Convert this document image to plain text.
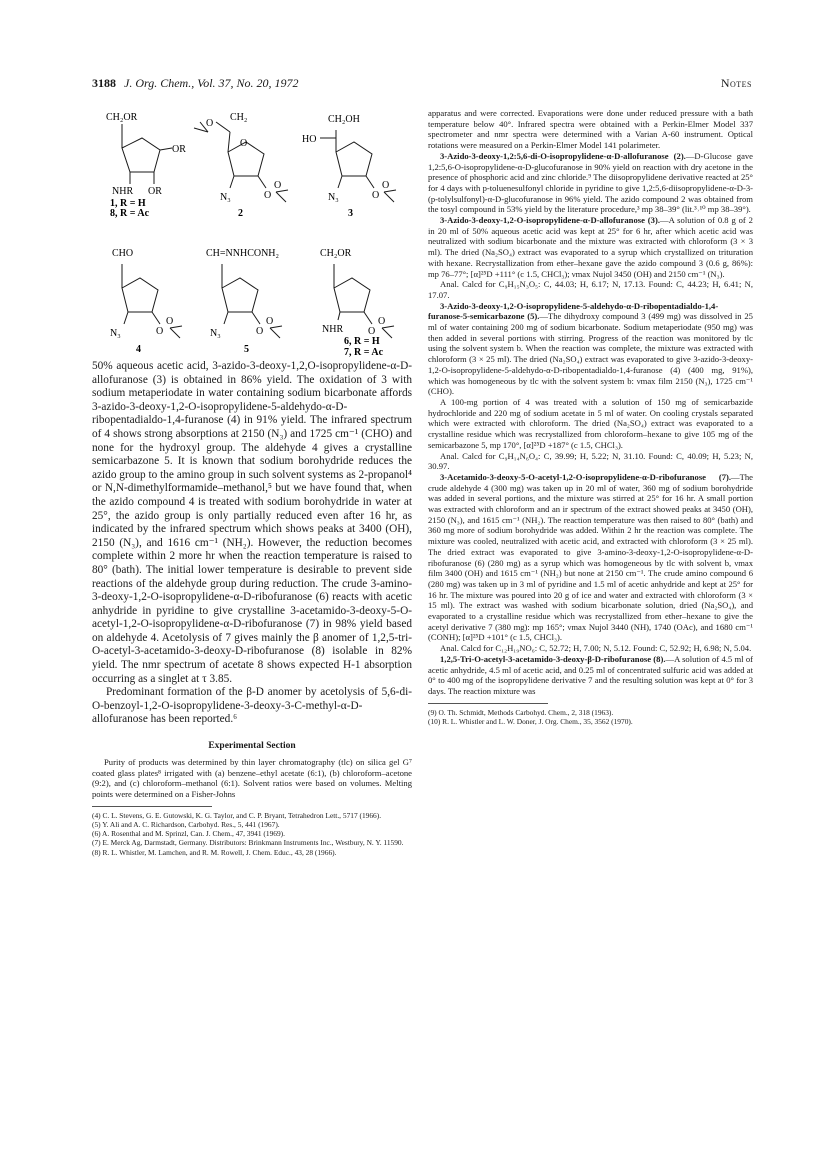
3188 J. Org. Chem., Vol. 37, No. 20, 1972	Notes
CH₂OR
OR
NHR OR
1, R = H
8, R = Ac
O
CH₂
O
N₃	O
O
2
CH₂OH
HO
N₃	O
O
3
CHO
N₃	O
O
4
CH=NNHCONH₂
N₃	O
O
5
CH₂OR
NHR O
O
6, R = H
7, R = Ac

50% aqueous acetic acid, 3-azido-3-deoxy-1,2,O-isopropylidene-α-D-allofuranose (3) is obtained in 86% yield. The oxidation of 3 with sodium metaperiodate in water containing sodium bicarbonate affords 3-azido-3-deoxy-1,2-O-isopropylidene-5-aldehydo-α-D-ribopentadialdo-1,4-furanose (4) in 91% yield. The infrared spectrum of 4 shows strong absorptions at 2150 (N₃) and 1725 cm⁻¹ (CHO) and none for the hydroxyl group. The aldehyde 4 gives a crystalline semicarbazone 5. It is known that sodium borohydride reduces the azido group to the amino group in such solvent systems as 2-propanol⁴ or N,N-dimethylformamide–methanol,⁵ but we have found that, when the azido compound 4 is treated with sodium borohydride in water at 25°, the azido group is only partially reduced even after 16 hr, as indicated by the infrared spectrum which shows peaks at 3400 (OH), 2150 (N₃), and 1616 cm⁻¹ (NH₂). However, the reduction becomes complete within 2 more hr when the reaction temperature is raised to 80° (bath). The initial lower temperature is desirable to prevent side reactions of the aldehyde group during reduction. The crude 3-amino-3-deoxy-1,2-O-isopropylidene-α-D-ribofuranose (6) reacts with acetic anhydride in pyridine to give crystalline 3-acetamido-3-deoxy-5-O-acetyl-1,2-O-isopropylidene-α-D-ribofuranose (7) in 98% yield based on aldehyde 4. Acetolysis of 7 gives mainly the β anomer of 1,2,5-tri-O-acetyl-3-acetamido-3-deoxy-D-ribofuranose (8) isolable in 82% yield. The nmr spectrum of acetate 8 shows expected H-1 absorption occurring as a singlet at τ 3.85.

Predominant formation of the β-D anomer by acetolysis of 5,6-di-O-benzoyl-1,2-O-isopropylidene-3-deoxy-3-C-methyl-α-D-allofuranose has been reported.⁶

Experimental Section

Purity of products was determined by thin layer chromatography (tlc) on silica gel G⁷ coated glass plates⁸ irrigated with (a) benzene–ethyl acetate (6:1), (b) chloroform–acetone (9:2), and (c) chloroform–methanol (6:1). Solvent ratios were based on volumes. Melting points were determined on a Fisher-Johns

(4) C. L. Stevens, G. E. Gutowski, K. G. Taylor, and C. P. Bryant, Tetrahedron Lett., 5717 (1966).

(5) Y. Ali and A. C. Richardson, Carbohyd. Res., 5, 441 (1967).

(6) A. Rosenthal and M. Sprinzl, Can. J. Chem., 47, 3941 (1969).

(7) E. Merck Ag, Darmstadt, Germany. Distributors: Brinkmann Instruments Inc., Westbury, N. Y. 11590.

(8) R. L. Whistler, M. Lamchen, and R. M. Rowell, J. Chem. Educ., 43, 28 (1966).

apparatus and were corrected. Evaporations were done under reduced pressure with a bath temperature below 40°. Infrared spectra were obtained with a Perkin-Elmer Model 337 spectrometer and nmr spectra were determined with a Varian A-60 instrument. Optical rotations were measured on a Perkin-Elmer Model 141 polarimeter.

3-Azido-3-deoxy-1,2:5,6-di-O-isopropylidene-α-D-allofuranose (2).—D-Glucose gave 1,2:5,6-O-isopropylidene-α-D-glucofuranose in 90% yield on reaction with dry acetone in the presence of phosphoric acid and zinc chloride.⁹ The diisopropylidene derivative reacted at 25° for 4 days with p-toluenesulfonyl chloride in pyridine to give 1,2:5,6-diisopropylidene-α-D-3-(p-tolylsulfonyl)-α-D-glucofuranose in 96% yield. The azido compound 2 was obtained from the tosyl compound in 53% yield by the literature procedure,³ mp 38–39° (lit.³˒¹⁰ mp 38–39°).

3-Azido-3-deoxy-1,2-O-isopropylidene-α-D-allofuranose (3).—A solution of 0.8 g of 2 in 20 ml of 50% aqueous acetic acid was kept at 25° for 6 hr, after which acetic acid was neutralized with sodium bicarbonate and the mixture was extracted with chloroform (3 × 3 ml). The dried (Na₂SO₄) extract was evaporated to a syrup which crystallized on trituration with hexane. Recrystallization from ether–hexane gave the azido compound 3 (0.6 g, 86%): mp 76–77°; [α]²⁵D +111° (c 1.5, CHCl₃); νmax Nujol 3450 (OH) and 2150 cm⁻¹ (N₃).

Anal. Calcd for C₉H₁₅N₃O₅: C, 44.03; H, 6.17; N, 17.13. Found: C, 44.23; H, 6.41; N, 17.07.

3-Azido-3-deoxy-1,2-O-isopropylidene-5-aldehydo-α-D-ribopentadialdo-1,4-furanose-5-semicarbazone (5).—The dihydroxy compound 3 (499 mg) was dissolved in 25 ml of water containing 200 mg of sodium bicarbonate. Sodium metaperiodate (950 mg) was then added in several portions with stirring. Progress of the reaction was monitored by tlc using the solvent system b. When the reaction was complete, the mixture was extracted with chloroform (3 × 25 ml). The dried (Na₂SO₄) extract was evaporated to give 3-azido-3-deoxy-1,2-O-isopropylidene-5-aldehydo-α-D-ribopentadialdo-1,4-furanose (4) (400 mg, 91%), which was homogeneous by tlc with the solvent system b: νmax film 2150 (N₃), 1725 cm⁻¹ (CHO).

A 100-mg portion of 4 was treated with a solution of 150 mg of semicarbazide hydrochloride and 220 mg of sodium acetate in 5 ml of water. On cooling crystals separated which were extracted with chloroform. The dried (Na₂SO₄) extract was evaporated to a crystalline residue which was recrystallized from chloroform–hexane to give 105 mg of the semicarbazone 5, mp 170°, [α]²⁵D +187° (c 1.5, CHCl₃).

Anal. Calcd for C₉H₁₄N₆O₄: C, 39.99; H, 5.22; N, 31.10. Found: C, 40.09; H, 5.23; N, 30.97.

3-Acetamido-3-deoxy-5-O-acetyl-1,2-O-isopropylidene-α-D-ribofuranose (7).—The crude aldehyde 4 (300 mg) was taken up in 20 ml of water, 360 mg of sodium borohydride was added in several portions, and the mixture was stirred at 25° for 16 hr. A small portion was extracted with chloroform and an ir spectrum of the extract showed peaks at 3450 (OH), 2150 (N₃), and 1615 cm⁻¹ (NH₂). The reaction temperature was then raised to 80° (bath) and 360 mg more of sodium borohydride was added. Within 2 hr the reaction was complete. The mixture was cooled, neutralized with acetic acid, and extracted with chloroform (3 × 25 ml). The dried extract was evaporated to give 3-amino-3-deoxy-1,2-O-isopropylidene-α-D-ribofuranose (6) (280 mg) as a syrup which was homogeneous by tlc with solvent b, νmax film 3400 (OH) and 1615 cm⁻¹ (NH₂) but none at 2150 cm⁻¹. The crude amino compound 6 (280 mg) was taken up in 3 ml of pyridine and 1.5 ml of acetic anhydride and kept at 25° for 16 hr. The mixture was poured into 20 g of ice and water and extracted with chloroform (3 × 15 ml). The extract was washed with sodium bicarbonate solution, dried (Na₂SO₄), and evaporated to a crystalline residue which was recrystallized from ether–hexane to give the acetyl derivative 7 (380 mg): mp 165°; νmax Nujol 3440 (NH), 1740 (OAc), and 1680 cm⁻¹ (CONH); [α]²⁵D +101° (c 1.5, CHCl₃).

Anal. Calcd for C₁₂H₁₉NO₆: C, 52.72; H, 7.00; N, 5.12. Found: C, 52.92; H, 6.98; N, 5.04.

1,2,5-Tri-O-acetyl-3-acetamido-3-deoxy-β-D-ribofuranose (8).—A solution of 4.5 ml of acetic anhydride, 4.5 ml of acetic acid, and 0.25 ml of concentrated sulfuric acid was added at 0° to 400 mg of the isopropylidene derivative 7 and the resulting solution was kept at 0° for 3 days. The reaction mixture was

(9) O. Th. Schmidt, Methods Carbohyd. Chem., 2, 318 (1963).

(10) R. L. Whistler and L. W. Doner, J. Org. Chem., 35, 3562 (1970).
